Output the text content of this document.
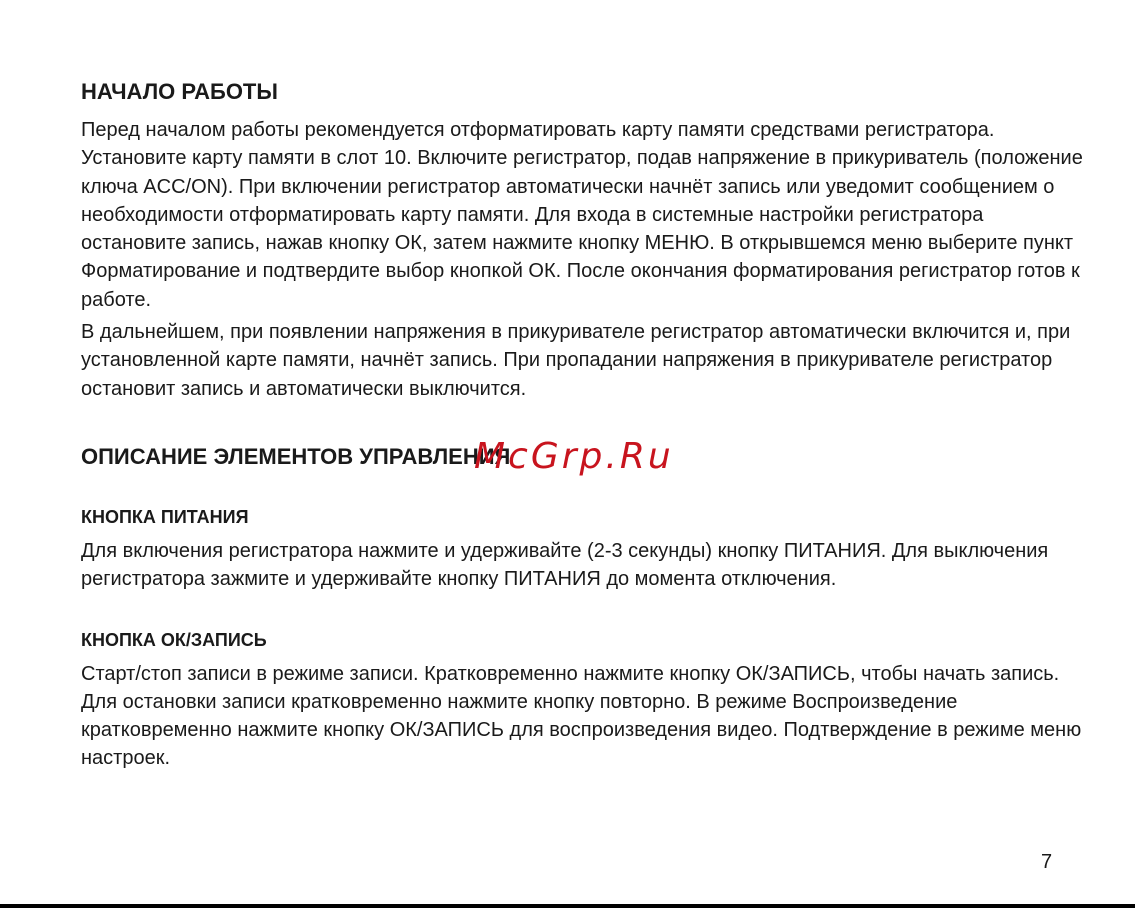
НАЧАЛО РАБОТЫ

Перед началом работы рекомендуется отформатировать карту памяти средствами регистратора. Установите карту памяти в слот 10. Включите регистратор, подав напряжение в прикуриватель (положение ключа ACC/ON). При включении регистратор автоматически начнёт запись или уведомит сообщением о необходимости отформатировать карту памяти. Для входа в системные настройки регистратора остановите запись, нажав кнопку ОК, затем нажмите кнопку МЕНЮ. В открывшемся меню выберите пункт Форматирование и подтвердите выбор кнопкой ОК. После окончания форматирования регистратор готов к работе.

В дальнейшем, при появлении напряжения в прикуривателе регистратор автоматически включится и, при установленной карте памяти, начнёт запись. При пропадании напряжения в прикуривателе регистратор остановит запись и автоматически выключится.

ОПИСАНИЕ ЭЛЕМЕНТОВ УПРАВЛЕНИЯ
КНОПКА ПИТАНИЯ

Для включения регистратора нажмите и удерживайте (2-3 секунды) кнопку ПИТАНИЯ. Для выключения регистратора зажмите и удерживайте кнопку ПИТАНИЯ до момента отключения.

КНОПКА ОК/ЗАПИСЬ

Старт/стоп записи в режиме записи. Кратковременно нажмите кнопку ОК/ЗАПИСЬ, чтобы начать запись. Для остановки записи кратковременно нажмите кнопку повторно. В режиме Воспроизведение кратковременно нажмите кнопку ОК/ЗАПИСЬ для воспроизведения видео. Подтверждение в режиме меню настроек.

McGrp.Ru
7
